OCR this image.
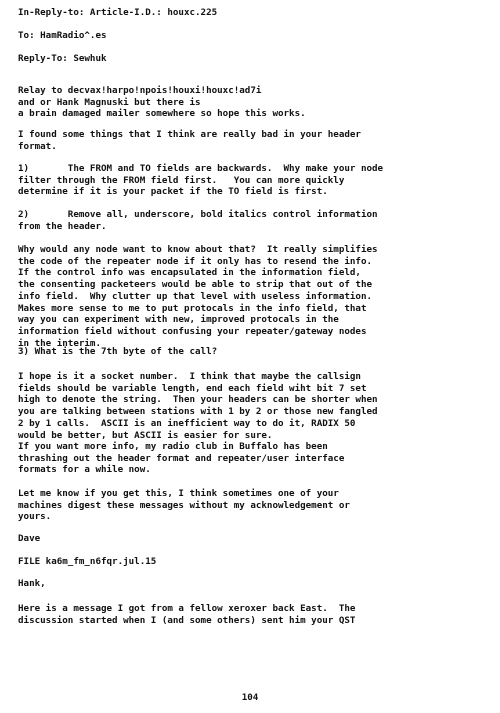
In-Reply-to: Article-I.D.: houxc.225
To: HamRadio^.es
Reply-To: Sewhuk
Relay to decvax!harpo!npois!houxi!houxc!ad7i
and or Hank Magnuski but there is
a brain damaged mailer somewhere so hope this works.
I found some things that I think are really bad in your header
format.
1)       The FROM and TO fields are backwards.  Why make your node
filter through the FROM field first.   You can more quickly
determine if it is your packet if the TO field is first.
2)       Remove all, underscore, bold italics control information
from the header.
Why would any node want to know about that?  It really simplifies
the code of the repeater node if it only has to resend the info.
If the control info was encapsulated in the information field,
the consenting packeteers would be able to strip that out of the
info field.  Why clutter up that level with useless information.
Makes more sense to me to put protocals in the info field, that
way you can experiment with new, improved protocals in the
information field without confusing your repeater/gateway nodes
in the interim.
3) What is the 7th byte of the call?
I hope is it a socket number.  I think that maybe the callsign
fields should be variable length, end each field wiht bit 7 set
high to denote the string.  Then your headers can be shorter when
you are talking between stations with 1 by 2 or those new fangled
2 by 1 calls.  ASCII is an inefficient way to do it, RADIX 50
would be better, but ASCII is easier for sure.
If you want more info, my radio club in Buffalo has been
thrashing out the header format and repeater/user interface
formats for a while now.
Let me know if you get this, I think sometimes one of your
machines digest these messages without my acknowledgement or
yours.
Dave
FILE ka6m_fm_n6fqr.jul.15
Hank,
Here is a message I got from a fellow xeroxer back East.  The
discussion started when I (and some others) sent him your QST
104
